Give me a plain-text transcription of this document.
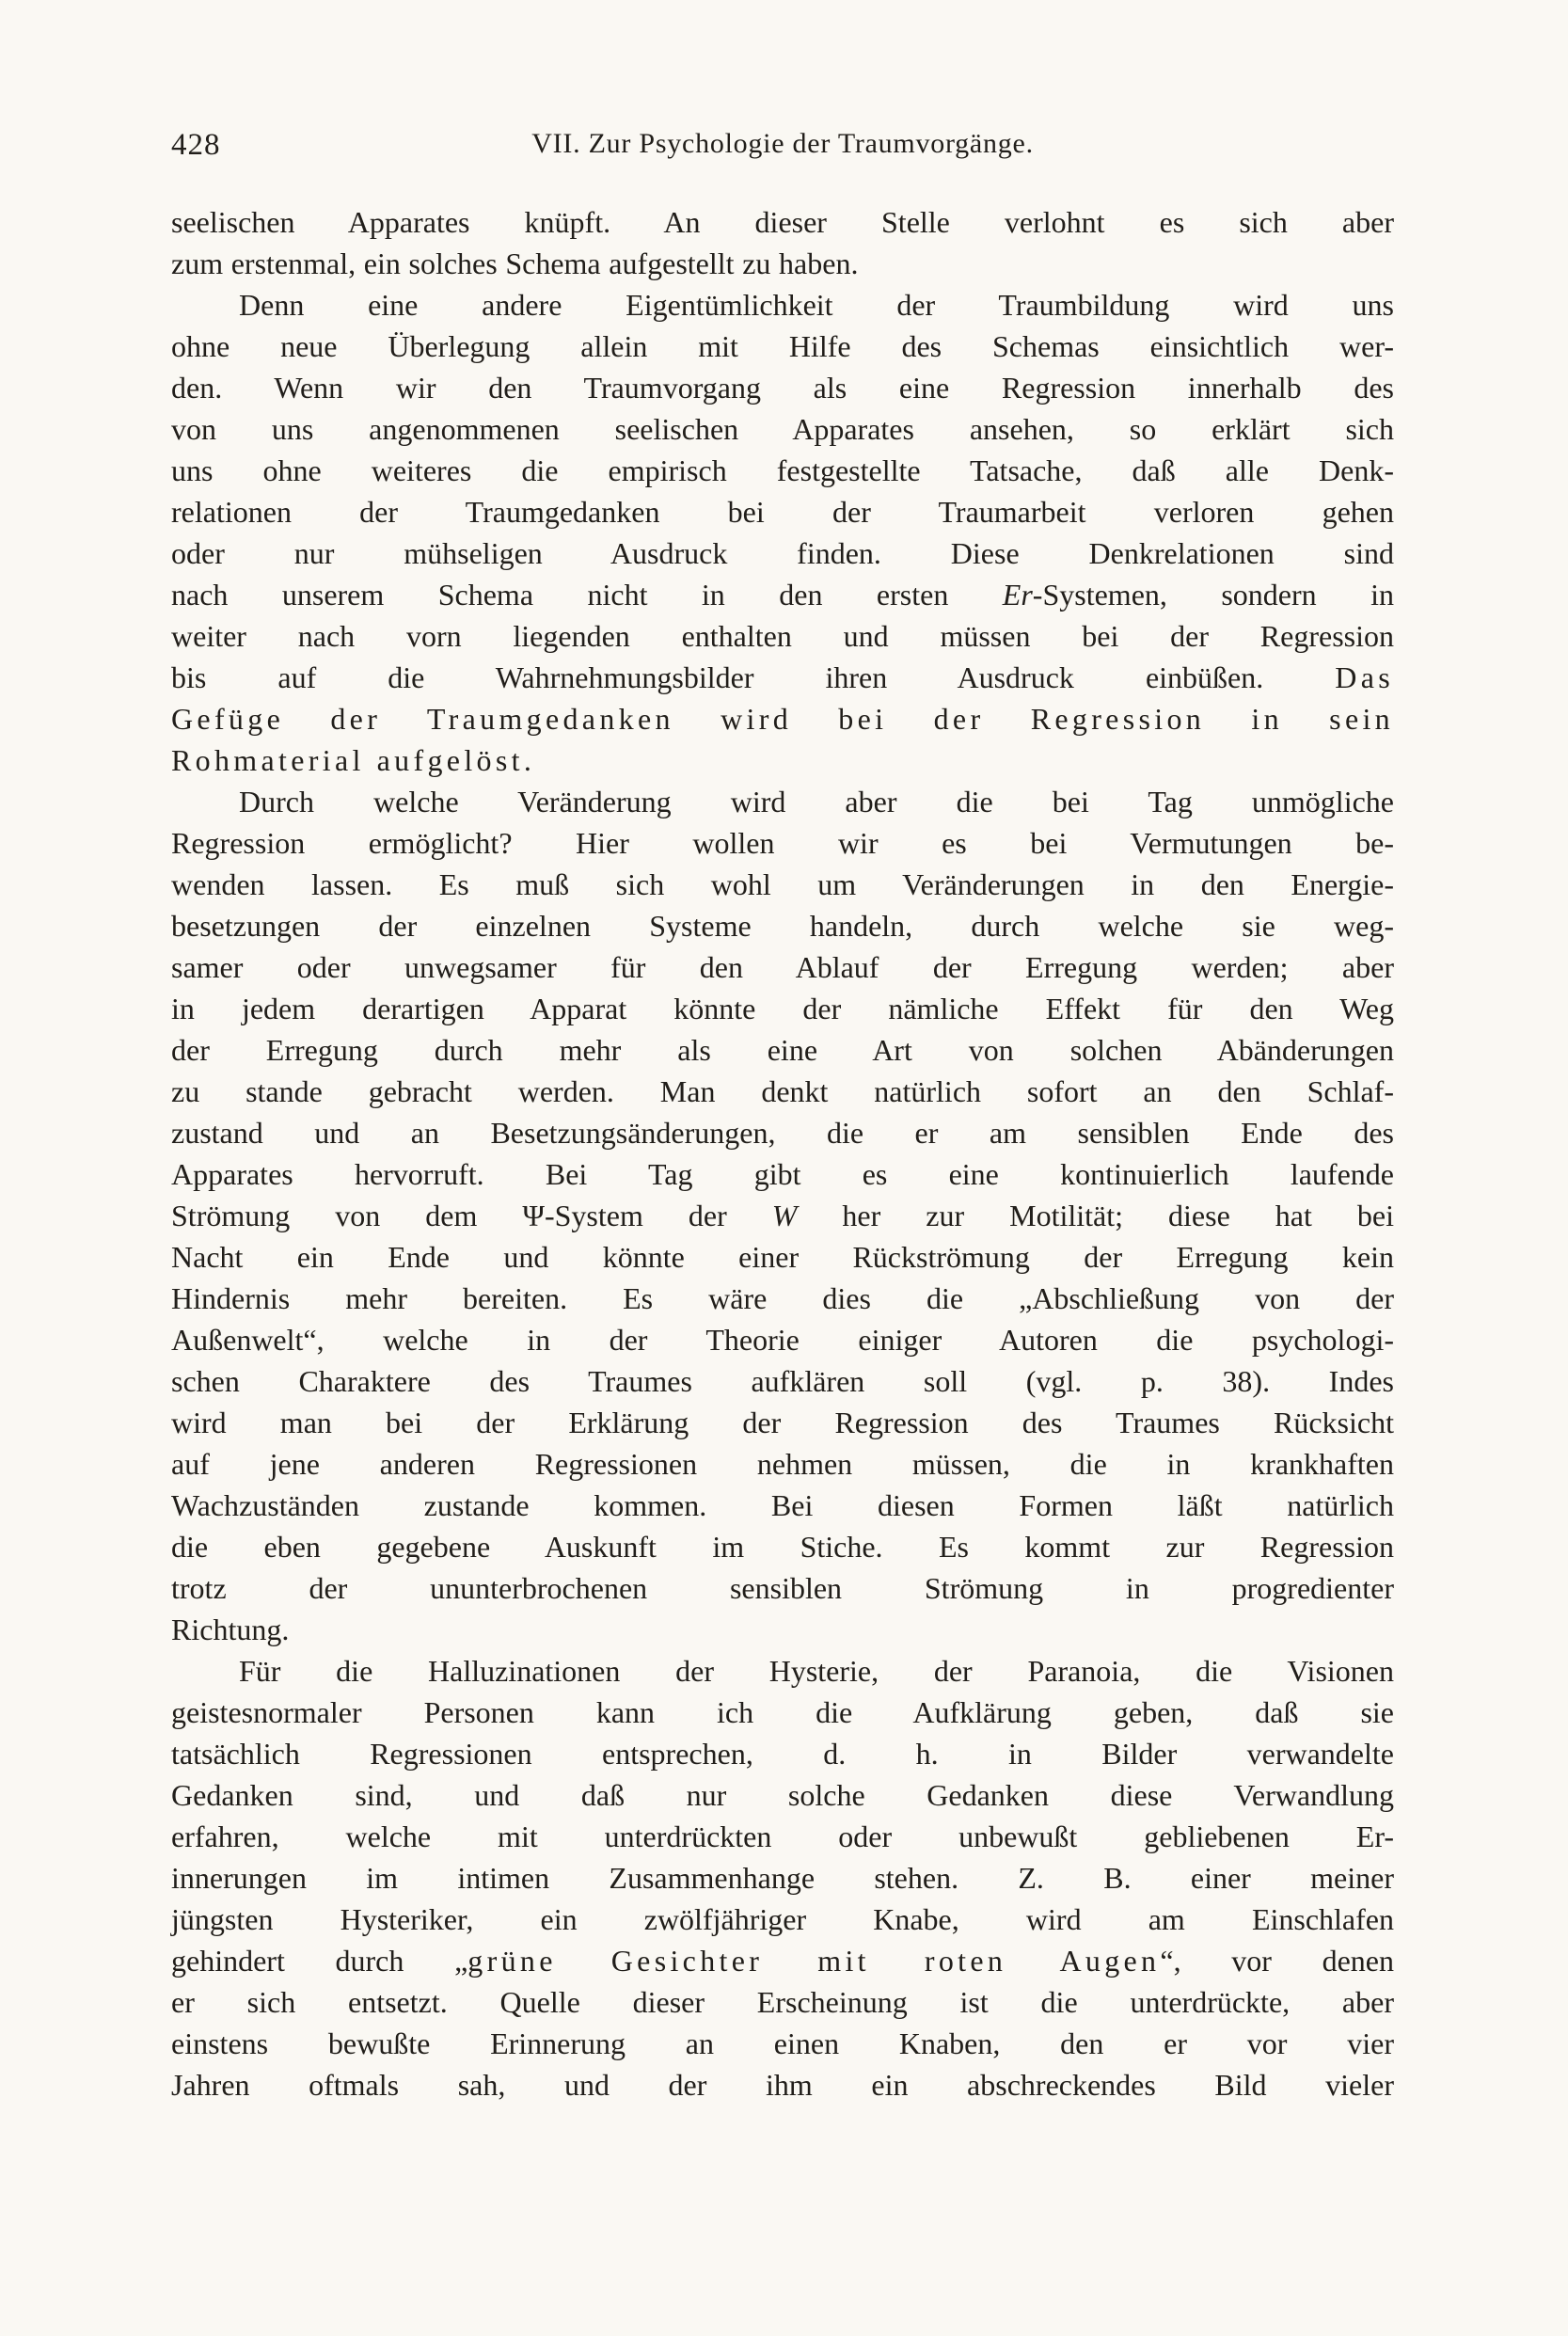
428	VII. Zur Psychologie der Traumvorgänge.
seelischen Apparates knüpft. An dieser Stelle verlohnt es sich aber
zum erstenmal, ein solches Schema aufgestellt zu haben.
Denn eine andere Eigentümlichkeit der Traumbildung wird uns
ohne neue Überlegung allein mit Hilfe des Schemas einsichtlich wer-
den. Wenn wir den Traumvorgang als eine Regression innerhalb des
von uns angenommenen seelischen Apparates ansehen, so erklärt sich
uns ohne weiteres die empirisch festgestellte Tatsache, daß alle Denk-
relationen der Traumgedanken bei der Traumarbeit verloren gehen
oder nur mühseligen Ausdruck finden. Diese Denkrelationen sind
nach unserem Schema nicht in den ersten Er-Systemen, sondern in
weiter nach vorn liegenden enthalten und müssen bei der Regression
bis auf die Wahrnehmungsbilder ihren Ausdruck einbüßen. Das
Gefüge der Traumgedanken wird bei der Regression in sein
Rohmaterial aufgelöst.
Durch welche Veränderung wird aber die bei Tag unmögliche
Regression ermöglicht? Hier wollen wir es bei Vermutungen be-
wenden lassen. Es muß sich wohl um Veränderungen in den Energie-
besetzungen der einzelnen Systeme handeln, durch welche sie weg-
samer oder unwegsamer für den Ablauf der Erregung werden; aber
in jedem derartigen Apparat könnte der nämliche Effekt für den Weg
der Erregung durch mehr als eine Art von solchen Abänderungen
zu stande gebracht werden. Man denkt natürlich sofort an den Schlaf-
zustand und an Besetzungsänderungen, die er am sensiblen Ende des
Apparates hervorruft. Bei Tag gibt es eine kontinuierlich laufende
Strömung von dem Ψ-System der W her zur Motilität; diese hat bei
Nacht ein Ende und könnte einer Rückströmung der Erregung kein
Hindernis mehr bereiten. Es wäre dies die „Abschließung von der
Außenwelt“, welche in der Theorie einiger Autoren die psychologi-
schen Charaktere des Traumes aufklären soll (vgl. p. 38). Indes
wird man bei der Erklärung der Regression des Traumes Rücksicht
auf jene anderen Regressionen nehmen müssen, die in krankhaften
Wachzuständen zustande kommen. Bei diesen Formen läßt natürlich
die eben gegebene Auskunft im Stiche. Es kommt zur Regression
trotz der ununterbrochenen sensiblen Strömung in progredienter
Richtung.
Für die Halluzinationen der Hysterie, der Paranoia, die Visionen
geistesnormaler Personen kann ich die Aufklärung geben, daß sie
tatsächlich Regressionen entsprechen, d. h. in Bilder verwandelte
Gedanken sind, und daß nur solche Gedanken diese Verwandlung
erfahren, welche mit unterdrückten oder unbewußt gebliebenen Er-
innerungen im intimen Zusammenhange stehen. Z. B. einer meiner
jüngsten Hysteriker, ein zwölfjähriger Knabe, wird am Einschlafen
gehindert durch „grüne Gesichter mit roten Augen“, vor denen
er sich entsetzt. Quelle dieser Erscheinung ist die unterdrückte, aber
einstens bewußte Erinnerung an einen Knaben, den er vor vier
Jahren oftmals sah, und der ihm ein abschreckendes Bild vieler
